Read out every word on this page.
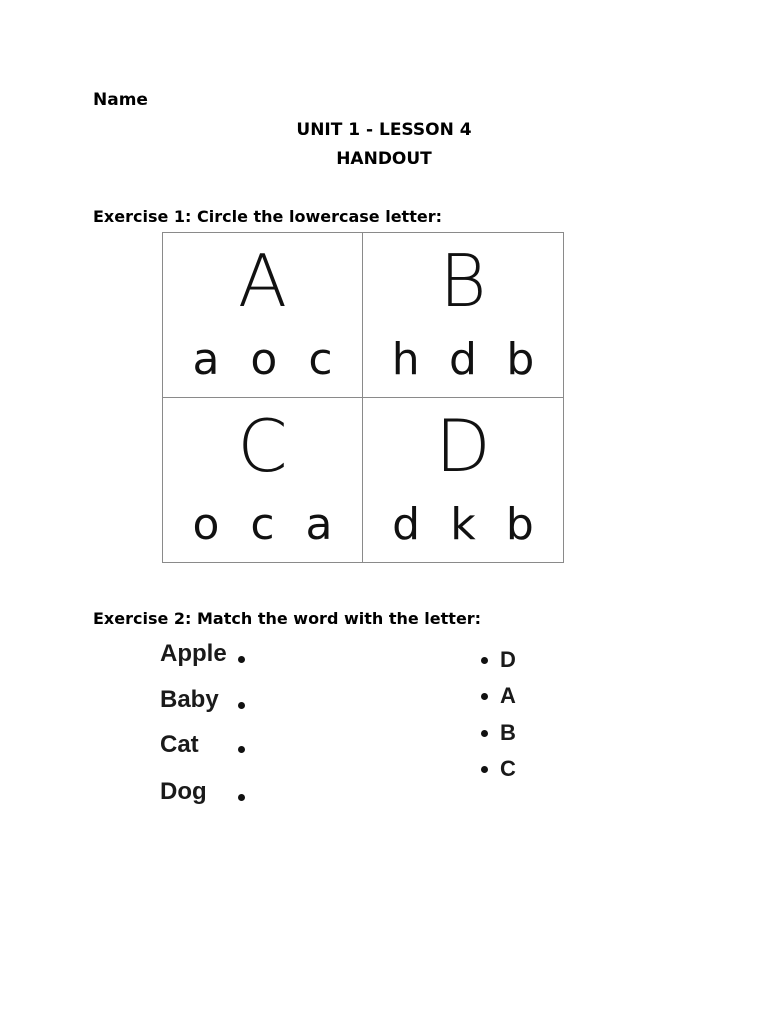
Name
UNIT 1 - LESSON 4
HANDOUT
Exercise 1: Circle the lowercase letter:
A
a o c
B
h d b
C
o c a
D
d k b
Exercise 2: Match the word with the letter:
Apple
Baby
Cat
Dog
D
A
B
C
